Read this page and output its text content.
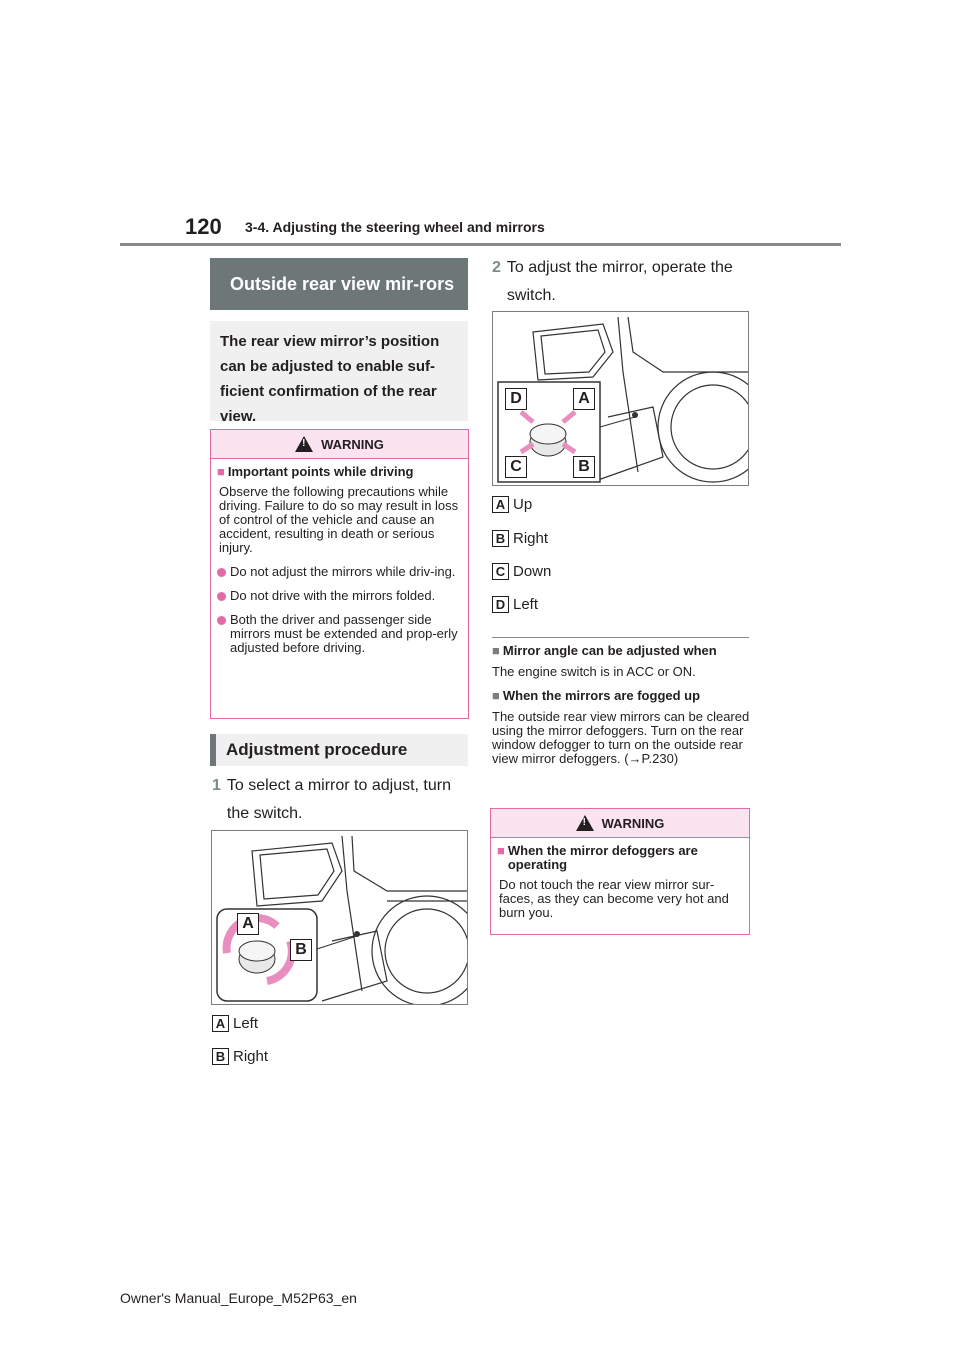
120 3-4. Adjusting the steering wheel and mirrors
Outside rear view mir-rors
The rear view mirror’s position can be adjusted to enable suf-ficient confirmation of the rear view.
!
WARNING
■ Important points while driving

Observe the following precautions while driving. Failure to do so may result in loss of control of the vehicle and cause an accident, resulting in death or serious injury.

Do not adjust the mirrors while driv-ing.
Do not drive with the mirrors folded.
Both the driver and passenger side mirrors must be extended and prop-erly adjusted before driving.
Adjustment procedure
1 To select a mirror to adjust, turn the switch.
A
B
A Left
B Right
2 To adjust the mirror, operate the switch.
D	A
C	B
A Up
B Right
C Down
D Left
■ Mirror angle can be adjusted when
The engine switch is in ACC or ON.
■ When the mirrors are fogged up
The outside rear view mirrors can be cleared using the mirror defoggers. Turn on the rear window defogger to turn on the outside rear view mirror defoggers. (→P.230)
!
WARNING
■ When the mirror defoggers are operating

Do not touch the rear view mirror sur-faces, as they can become very hot and burn you.

Owner's Manual_Europe_M52P63_en
